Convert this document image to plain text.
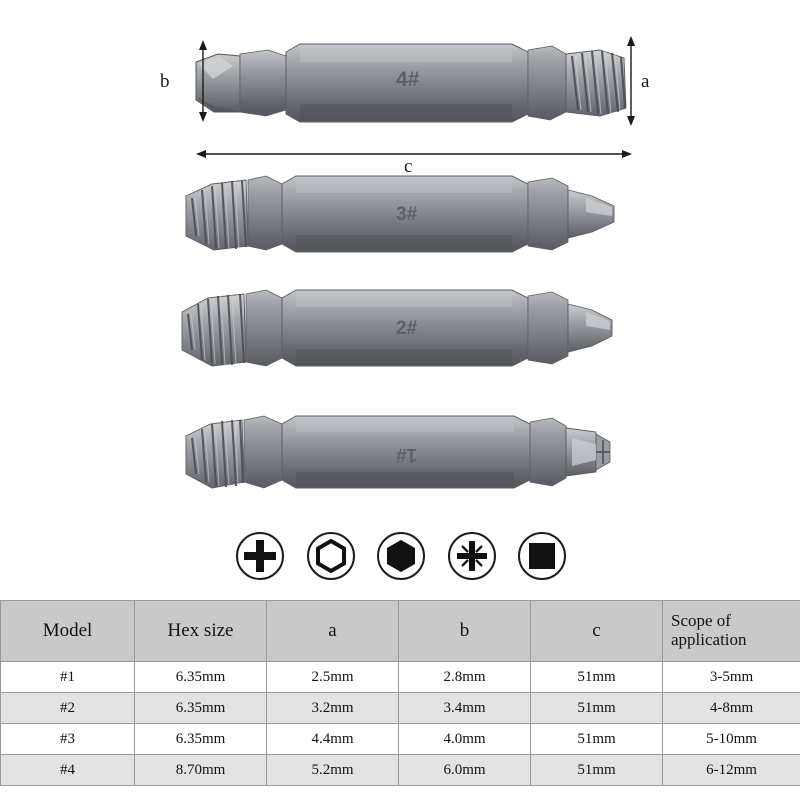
4#
3#
2#
1#
b	a
c
Model	Hex size	a	b	c	Scope of application
#1	6.35mm	2.5mm	2.8mm	51mm	3-5mm
#2	6.35mm	3.2mm	3.4mm	51mm	4-8mm
#3	6.35mm	4.4mm	4.0mm	51mm	5-10mm
#4	8.70mm	5.2mm	6.0mm	51mm	6-12mm
